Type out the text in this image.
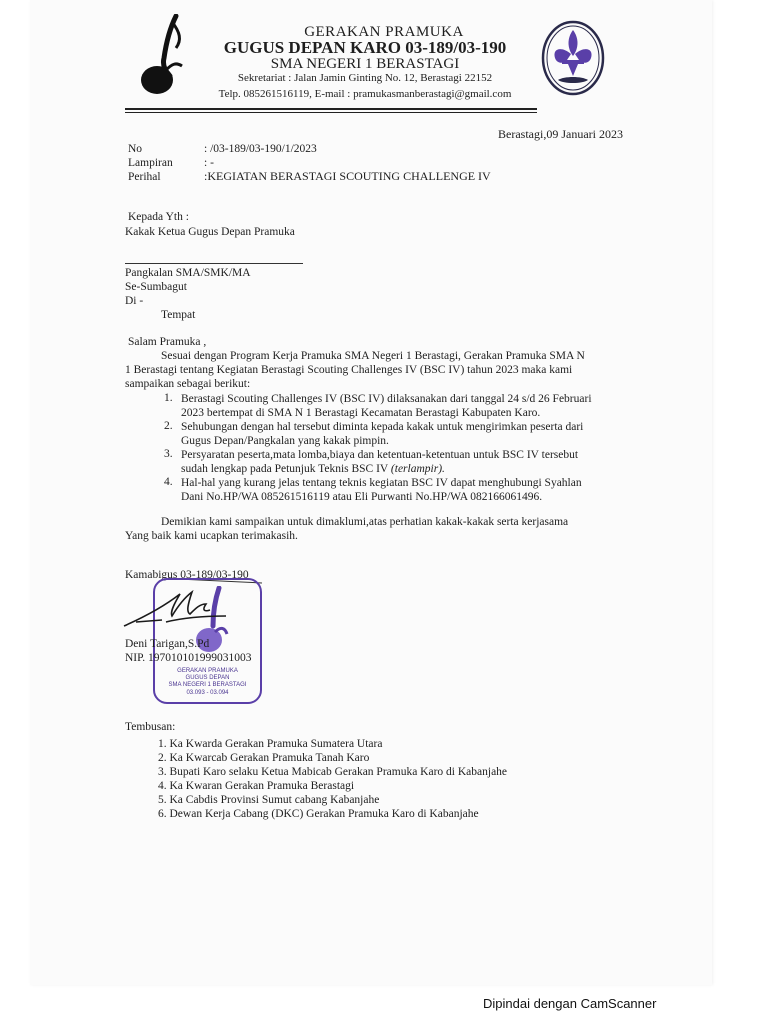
GERAKAN PRAMUKA
GUGUS DEPAN KARO 03-189/03-190
SMA NEGERI 1 BERASTAGI
Sekretariat : Jalan Jamin Ginting No. 12, Berastagi 22152
Telp. 085261516119, E-mail : pramukasmanberastagi@gmail.com
Berastagi,09 Januari 2023
No	: /03-189/03-190/1/2023
Lampiran	: -
Perihal	:KEGIATAN BERASTAGI SCOUTING CHALLENGE IV
Kepada Yth :
Kakak Ketua Gugus Depan Pramuka
Pangkalan SMA/SMK/MA
Se-Sumbagut
Di -
Tempat
Salam Pramuka ,
Sesuai dengan Program Kerja Pramuka SMA Negeri 1 Berastagi, Gerakan Pramuka SMA N
1 Berastagi tentang Kegiatan Berastagi Scouting Challenges IV (BSC IV) tahun 2023 maka kami
sampaikan sebagai berikut:
1. Berastagi Scouting Challenges IV (BSC IV) dilaksanakan dari tanggal 24 s/d 26 Februari
2023 bertempat di SMA N 1 Berastagi Kecamatan Berastagi Kabupaten Karo.
2. Sehubungan dengan hal tersebut diminta kepada kakak untuk mengirimkan peserta dari
Gugus Depan/Pangkalan yang kakak pimpin.
3. Persyaratan peserta,mata lomba,biaya dan ketentuan-ketentuan untuk BSC IV tersebut
sudah lengkap pada Petunjuk Teknis BSC IV (terlampir).
4. Hal-hal yang kurang jelas tentang teknis kegiatan BSC IV dapat menghubungi Syahlan
Dani No.HP/WA 085261516119 atau Eli Purwanti No.HP/WA 082166061496.
Demikian kami sampaikan untuk dimaklumi,atas perhatian kakak-kakak serta kerjasama
Yang baik kami ucapkan terimakasih.
Kamabigus 03-189/03-190
GERAKAN PRAMUKA
GUGUS DEPAN
SMA NEGERI 1 BERASTAGI
03.093 - 03.094
Deni Tarigan,S.Pd
NIP. 197010101999031003
Tembusan:
1. Ka Kwarda Gerakan Pramuka Sumatera Utara
2. Ka Kwarcab Gerakan Pramuka Tanah Karo
3. Bupati Karo selaku Ketua Mabicab Gerakan Pramuka Karo di Kabanjahe
4. Ka Kwaran Gerakan Pramuka Berastagi
5. Ka Cabdis Provinsi Sumut cabang Kabanjahe
6. Dewan Kerja Cabang (DKC) Gerakan Pramuka Karo di Kabanjahe
Dipindai dengan CamScanner
